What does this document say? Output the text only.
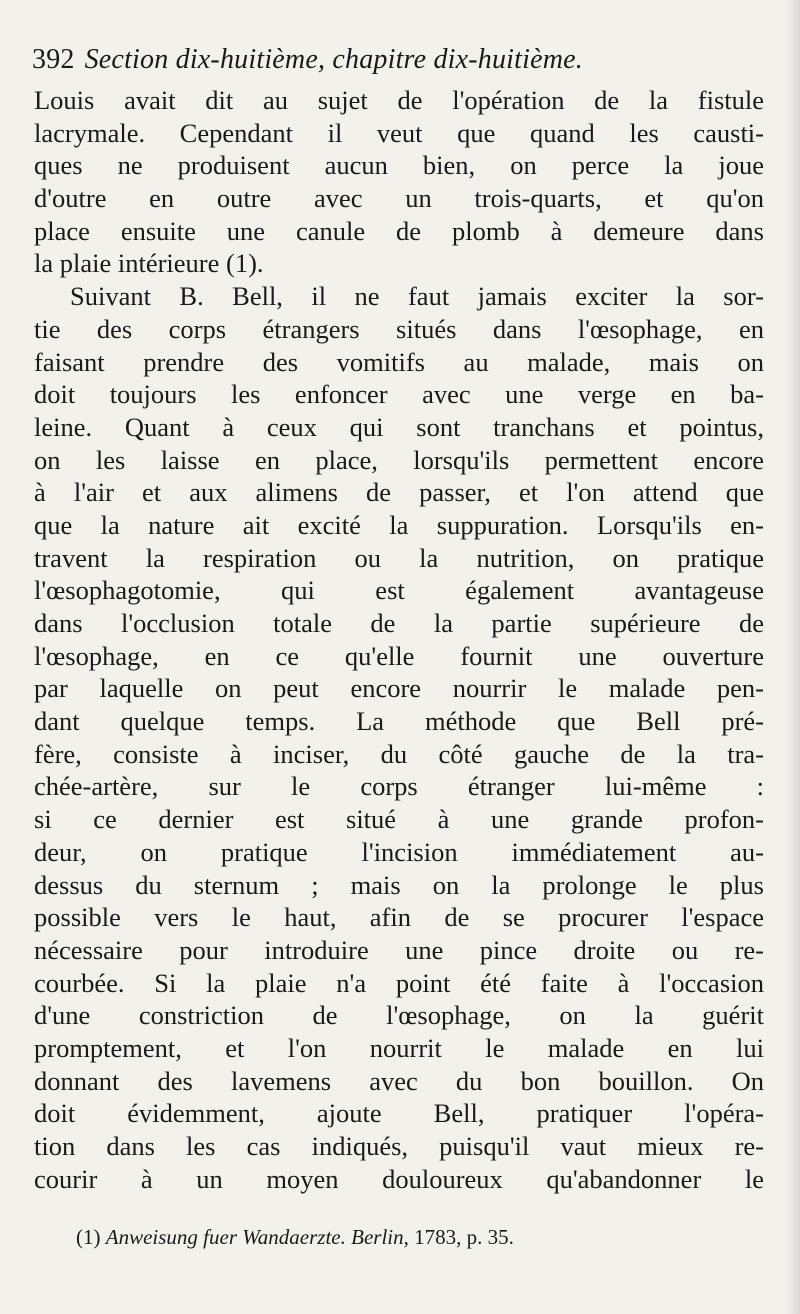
392 Section dix-huitième, chapitre dix-huitième.
Louis avait dit au sujet de l'opération de la fistule
lacrymale. Cependant il veut que quand les causti-
ques ne produisent aucun bien, on perce la joue
d'outre en outre avec un trois-quarts, et qu'on
place ensuite une canule de plomb à demeure dans
la plaie intérieure (1).
Suivant B. Bell, il ne faut jamais exciter la sor-
tie des corps étrangers situés dans l'œsophage, en
faisant prendre des vomitifs au malade, mais on
doit toujours les enfoncer avec une verge en ba-
leine. Quant à ceux qui sont tranchans et pointus,
on les laisse en place, lorsqu'ils permettent encore
à l'air et aux alimens de passer, et l'on attend que
que la nature ait excité la suppuration. Lorsqu'ils en-
travent la respiration ou la nutrition, on pratique
l'œsophagotomie, qui est également avantageuse
dans l'occlusion totale de la partie supérieure de
l'œsophage, en ce qu'elle fournit une ouverture
par laquelle on peut encore nourrir le malade pen-
dant quelque temps. La méthode que Bell pré-
fère, consiste à inciser, du côté gauche de la tra-
chée-artère, sur le corps étranger lui-même :
si ce dernier est situé à une grande profon-
deur, on pratique l'incision immédiatement au-
dessus du sternum ; mais on la prolonge le plus
possible vers le haut, afin de se procurer l'espace
nécessaire pour introduire une pince droite ou re-
courbée. Si la plaie n'a point été faite à l'occasion
d'une constriction de l'œsophage, on la guérit
promptement, et l'on nourrit le malade en lui
donnant des lavemens avec du bon bouillon. On
doit évidemment, ajoute Bell, pratiquer l'opéra-
tion dans les cas indiqués, puisqu'il vaut mieux re-
courir à un moyen douloureux qu'abandonner le
(1) Anweisung fuer Wandaerzte. Berlin, 1783, p. 35.
